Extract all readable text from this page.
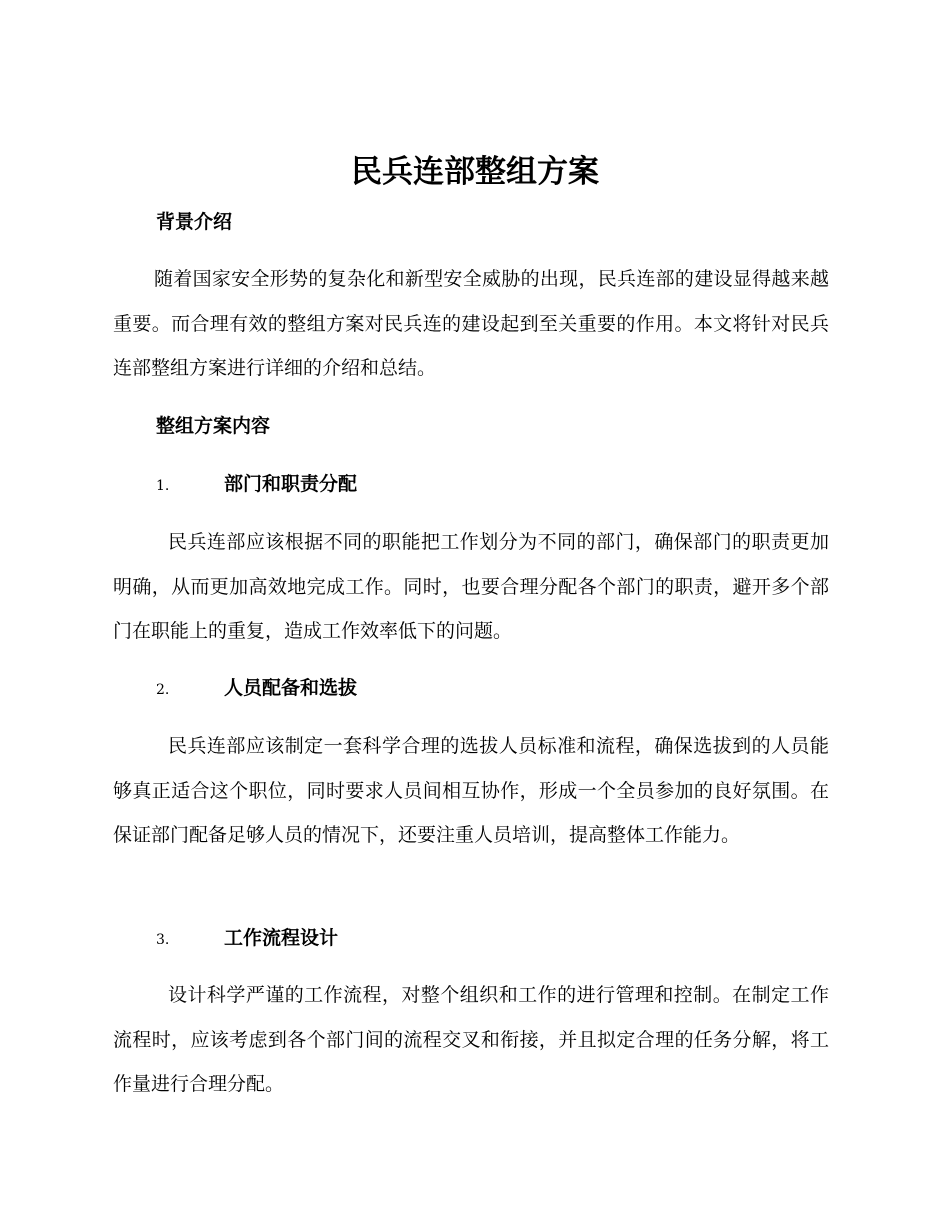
民兵连部整组方案
背景介绍

随着国家安全形势的复杂化和新型安全威胁的出现，民兵连部的建设显得越来越重要。而合理有效的整组方案对民兵连的建设起到至关重要的作用。本文将针对民兵连部整组方案进行详细的介绍和总结。

整组方案内容
1.	部门和职责分配

民兵连部应该根据不同的职能把工作划分为不同的部门，确保部门的职责更加明确，从而更加高效地完成工作。同时，也要合理分配各个部门的职责，避开多个部门在职能上的重复，造成工作效率低下的问题。

2.	人员配备和选拔

民兵连部应该制定一套科学合理的选拔人员标准和流程，确保选拔到的人员能够真正适合这个职位，同时要求人员间相互协作，形成一个全员参加的良好氛围。在保证部门配备足够人员的情况下，还要注重人员培训，提高整体工作能力。

3.	工作流程设计

设计科学严谨的工作流程，对整个组织和工作的进行管理和控制。在制定工作流程时，应该考虑到各个部门间的流程交叉和衔接，并且拟定合理的任务分解，将工作量进行合理分配。
